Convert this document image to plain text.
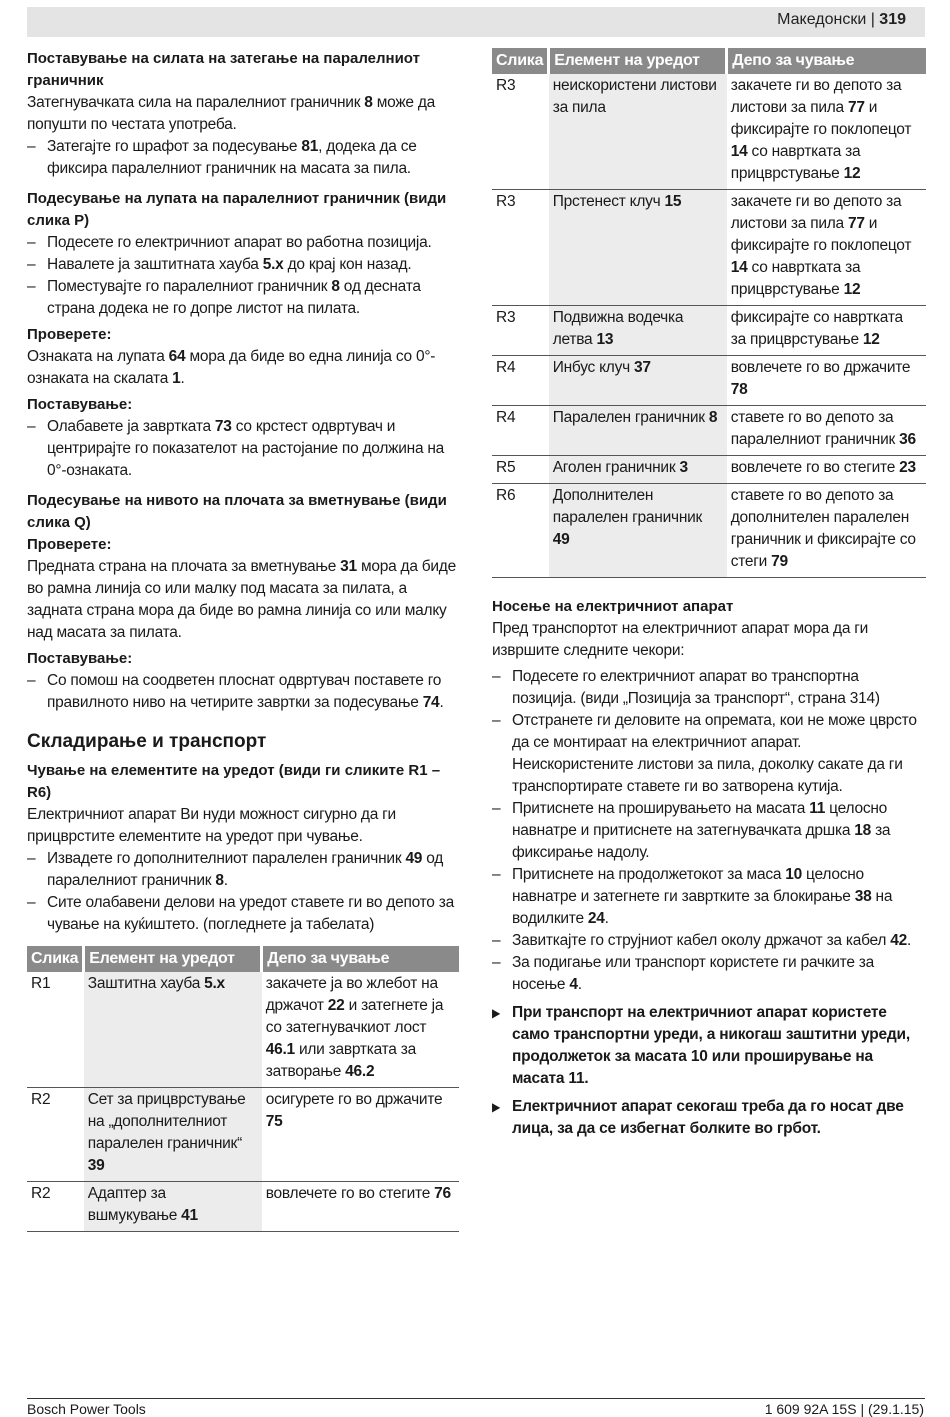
Македонски | 319
Поставување на силата на затегање на паралелниот граничник

Затегнувачката сила на паралелниот граничник 8 може да попушти по честата употреба.

– Затегајте го шрафот за подесување 81, додека да се фиксира паралелниот граничник на масата за пила.
Подесување на лупата на паралелниот граничник (види слика P)
– Подесете го електричниот апарат во работна позиција.
– Навалете ја заштитната хауба 5.x до крај кон назад.
– Поместувајте го паралелниот граничник 8 од десната страна додека не го допре листот на пилата.
Проверете:

Ознаката на лупата 64 мора да биде во една линија со 0°-ознаката на скалата 1.

Поставување:
– Олабавете ја завртката 73 со крстест одвртувач и центрирајте го показателот на растојание по должина на 0°-ознаката.
Подесување на нивото на плочата за вметнување (види слика Q)
Проверете:

Предната страна на плочата за вметнување 31 мора да биде во рамна линија со или малку под масата за пилата, а задната страна мора да биде во рамна линија со или малку над масата за пилата.

Поставување:
– Со помош на соодветен плоснат одвртувач поставете го правилното ниво на четирите завртки за подесување 74.
Складирање и транспорт
Чување на елементите на уредот (види ги сликите R1 – R6)

Електричниот апарат Ви нуди можност сигурно да ги прицврстите елементите на уредот при чување.

– Извадете го дополнителниот паралелен граничник 49 од паралелниот граничник 8.
– Сите олабавени делови на уредот ставете ги во депото за чување на куќиштето. (погледнете ја табелата)
Слика	Елемент на уредот	Депо за чување
R1	Заштитна хауба 5.x	закачете ја во жлебот на држачот 22 и затегнете ја со затегнувачкиот лост 46.1 или завртката за затворање 46.2
R2	Сет за прицврстување на „дополнителниот паралелен граничник“ 39	осигурете го во држачите 75
R2	Адаптер за вшмукување 41	вовлечете го во стегите 76
Слика	Елемент на уредот	Депо за чување
R3	неискористени листови за пила	закачете ги во депото за листови за пила 77 и фиксирајте го поклопецот 14 со навртката за прицврстување 12
R3	Прстенест клуч 15	закачете ги во депото за листови за пила 77 и фиксирајте го поклопецот 14 со навртката за прицврстување 12
R3	Подвижна водечка летва 13	фиксирајте со навртката за прицврстување 12
R4	Инбус клуч 37	вовлечете го во држачите 78
R4	Паралелен граничник 8	ставете го во депото за паралелниот граничник 36
R5	Аголен граничник 3	вовлечете го во стегите 23
R6	Дополнителен паралелен граничник 49	ставете го во депото за дополнителен паралелен граничник и фиксирајте со стеги 79
Носење на електричниот апарат

Пред транспортот на електричниот апарат мора да ги извршите следните чекори:

– Подесете го електричниот апарат во транспортна позиција. (види „Позиција за транспорт“, страна 314)
– Отстранете ги деловите на опремата, кои не може цврсто да се монтираат на електричниот апарат. Неискористените листови за пила, доколку сакате да ги транспортирате ставете ги во затворена кутија.
– Притиснете на проширувањето на масата 11 целосно навнатре и притиснете на затегнувачката дршка 18 за фиксирање надолу.
– Притиснете на продолжетокот за маса 10 целосно навнатре и затегнете ги завртките за блокирање 38 на водилките 24.
– Завиткајте го струјниот кабел околу држачот за кабел 42.
– За подигање или транспорт користете ги рачките за носење 4.
▶ При транспорт на електричниот апарат користете само транспортни уреди, а никогаш заштитни уреди, продолжеток за масата 10 или проширување на масата 11.
▶ Електричниот апарат секогаш треба да го носат две лица, за да се избегнат болките во грбот.
Bosch Power Tools	1 609 92A 15S | (29.1.15)
